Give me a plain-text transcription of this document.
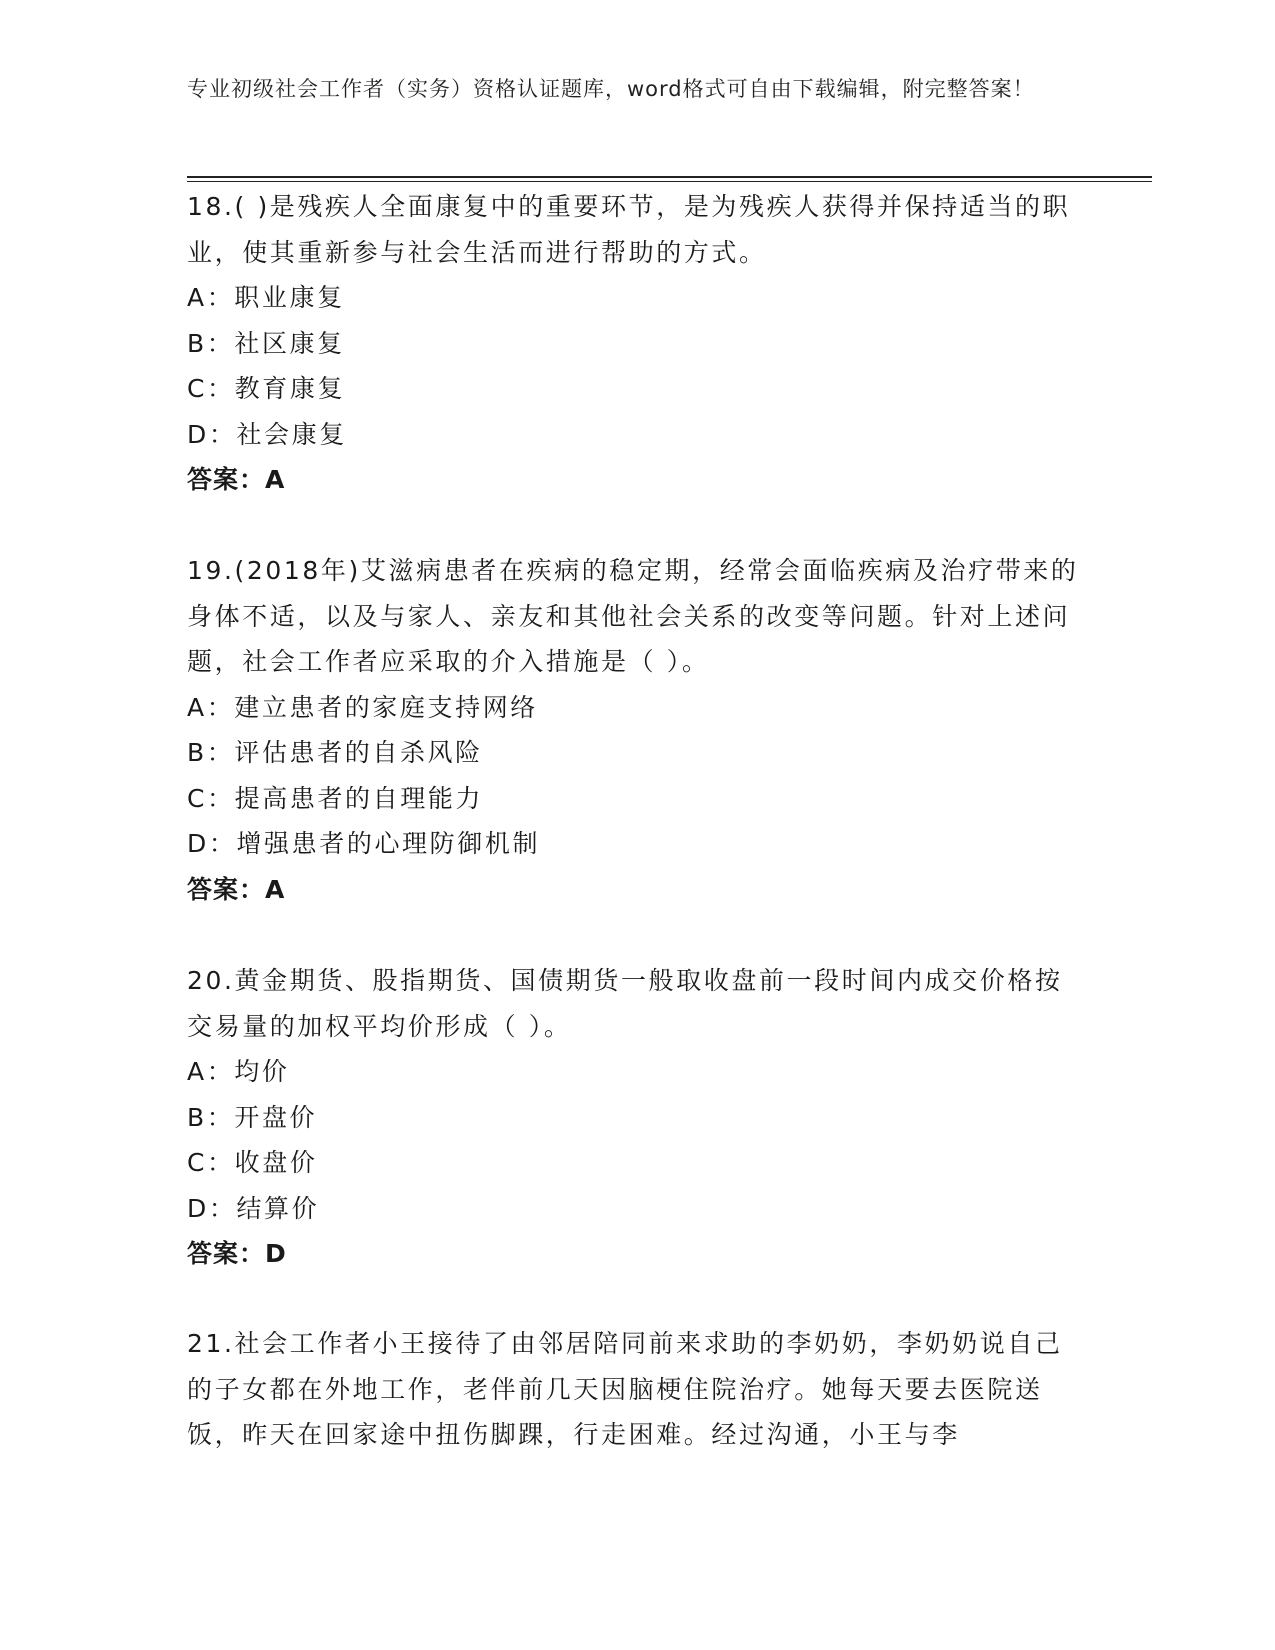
专业初级社会工作者（实务）资格认证题库，word格式可自由下载编辑，附完整答案！

18.( )是残疾人全面康复中的重要环节，是为残疾人获得并保持适当的职业，使其重新参与社会生活而进行帮助的方式。

A：职业康复

B：社区康复

C：教育康复

D：社会康复

答案：A

19.(2018年)艾滋病患者在疾病的稳定期，经常会面临疾病及治疗带来的身体不适，以及与家人、亲友和其他社会关系的改变等问题。针对上述问题，社会工作者应采取的介入措施是（ ）。

A：建立患者的家庭支持网络

B：评估患者的自杀风险

C：提高患者的自理能力

D：增强患者的心理防御机制

答案：A

20.黄金期货、股指期货、国债期货一般取收盘前一段时间内成交价格按交易量的加权平均价形成（ ）。

A：均价

B：开盘价

C：收盘价

D：结算价

答案：D

21.社会工作者小王接待了由邻居陪同前来求助的李奶奶，李奶奶说自己的子女都在外地工作，老伴前几天因脑梗住院治疗。她每天要去医院送饭，昨天在回家途中扭伤脚踝，行走困难。经过沟通，小王与李
